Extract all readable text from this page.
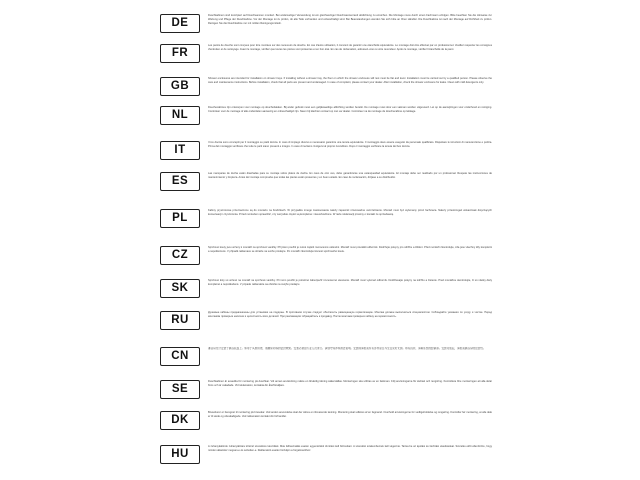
DE
Duschkabinen sind konzipiert auf Duschwannen montiert. Bei andersartiger Verwendung ist ein gleichwertiger Duschwannenrand abdichtung zu erreichen. Die Montage muss durch einen Fachmann erfolgen. Bitte beachten Sie die Hinweise zur Wartung und Pflege der Duschkabine. Vor der Montage ist zu prüfen, ob alle Teile vorhanden und unbeschädigt sind. Bei Beanstandungen wenden Sie sich bitte an Ihren Händler. Die Duschkabine ist nach der Montage auf Dichtheit zu prüfen. Reinigen Sie die Duschkabine nur mit milden Reinigungsmitteln.
FR
Les parois de douche sont conçues pour être montées sur des receveurs de douche. En cas d'autre utilisation, il convient de garantir une étanchéité équivalente. Le montage doit être effectué par un professionnel. Veuillez respecter les consignes d'entretien et de nettoyage. Avant le montage, vérifiez que toutes les pièces sont présentes et en bon état. En cas de réclamation, adressez-vous à votre revendeur. Après le montage, vérifiez l'étanchéité de la paroi.
GB
Shower enclosures are intended for installation on shower trays. If installing without a shower tray, the floor on which the shower enclosure will rest must be flat and level. Installation must be carried out by a qualified person. Please observe the care and maintenance instructions. Before installation, check that all parts are present and undamaged. In case of complaint, please contact your dealer. After installation, check the shower enclosure for leaks. Clean with mild detergents only.
NL
Douchecabines zijn ontworpen voor montage op douchebakken. Bij ander gebruik moet een gelijkwaardige afdichting worden bereikt. De montage moet door een vakman worden uitgevoerd. Let op de aanwijzingen voor onderhoud en reiniging. Controleer voor de montage of alle onderdelen aanwezig en onbeschadigd zijn. Neem bij klachten contact op met uw dealer. Controleer na de montage de douchecabine op lekkage.
IT
I box doccia sono concepiti per il montaggio su piatti doccia. In caso di impiego diverso è necessario garantire una tenuta equivalente. Il montaggio deve essere eseguito da personale qualificato. Rispettare le istruzioni di manutenzione e pulizia. Prima del montaggio verificare che tutte le parti siano presenti e integre. In caso di reclamo rivolgersi al proprio rivenditore. Dopo il montaggio verificare la tenuta del box doccia.
ES
Las mamparas de ducha están diseñadas para su montaje sobre platos de ducha. En caso de otro uso, debe garantizarse una estanqueidad equivalente. El montaje debe ser realizado por un profesional. Respete las instrucciones de mantenimiento y limpieza. Antes del montaje compruebe que todas las piezas están presentes y en buen estado. En caso de reclamación, diríjase a su distribuidor.
PL
Kabiny prysznicowe przeznaczone są do montażu na brodzikach. W przypadku innego zastosowania należy zapewnić równoważne uszczelnienie. Montaż musi być wykonany przez fachowca. Należy przestrzegać wskazówek dotyczących konserwacji i czyszczenia. Przed montażem sprawdzić, czy wszystkie części są kompletne i nieuszkodzone. W razie reklamacji prosimy o kontakt ze sprzedawcą.
CZ
Sprchové kouty jsou určeny k montáži na sprchové vaničky. Při jiném použití je nutné zajistit rovnocenné utěsnění. Montáž musí provádět odborník. Dodržujte pokyny pro údržbu a čištění. Před montáží zkontrolujte, zda jsou všechny díly kompletní a nepoškozené. V případě reklamace se obraťte na svého prodejce. Po montáži zkontrolujte těsnost sprchového koutu.
SK
Sprchové kúty sú určené na montáž na sprchové vaničky. Pri inom použití je potrebné zabezpečiť rovnocenné utesnenie. Montáž musí vykonať odborník. Dodržiavajte pokyny na údržbu a čistenie. Pred montážou skontrolujte, či sú všetky diely kompletné a nepoškodené. V prípade reklamácie sa obráťte na svojho predajcu.
RU
Душевые кабины предназначены для установки на поддоны. В противном случае следует обеспечить равноценную герметизацию. Монтаж должен выполняться специалистом. Соблюдайте указания по уходу и чистке. Перед монтажом проверьте наличие и целостность всех деталей. При рекламациях обращайтесь к продавцу. После монтажа проверьте кабину на герметичность.
CN
淋浴房设计安装于淋浴底盘上。如用于其他用途，须确保同等的密封效果。安装必须由专业人员进行。请遵守保养和清洁说明。安装前请检查所有部件是否齐全且完好无损。如有投诉，请联系您的经销商。安装完成后，请检查淋浴房的密封性。
SE
Duschkabiner är avsedda för montering på duschkar. Vid annan användning måste en likvärdig tätning säkerställas. Monteringen ska utföras av en fackman. Följ anvisningarna för skötsel och rengöring. Kontrollera före monteringen att alla delar finns och är oskadade. Vid reklamation, kontakta din återförsäljare.
DK
Bruseburer er beregnet til montering på brusekar. Ved anden anvendelse skal der sikres en tilsvarende tætning. Montering skal udføres af en fagmand. Overhold anvisningerne for vedligeholdelse og rengøring. Kontroller før montering, at alle dele er til stede og ubeskadigede. Ved reklamation kontakt din forhandler.
HU
A zuhanykabinok zuhanytálcára történő szerelésre készültek. Más felhasználás esetén egyenértékű tömítést kell biztosítani. A szerelést szakembernek kell végeznie. Tartsa be az ápolási és tisztítási utasításokat. Szerelés előtt ellenőrizze, hogy minden alkatrész megvan-e és sértetlen-e. Reklamáció esetén forduljon a forgalmazóhoz.
